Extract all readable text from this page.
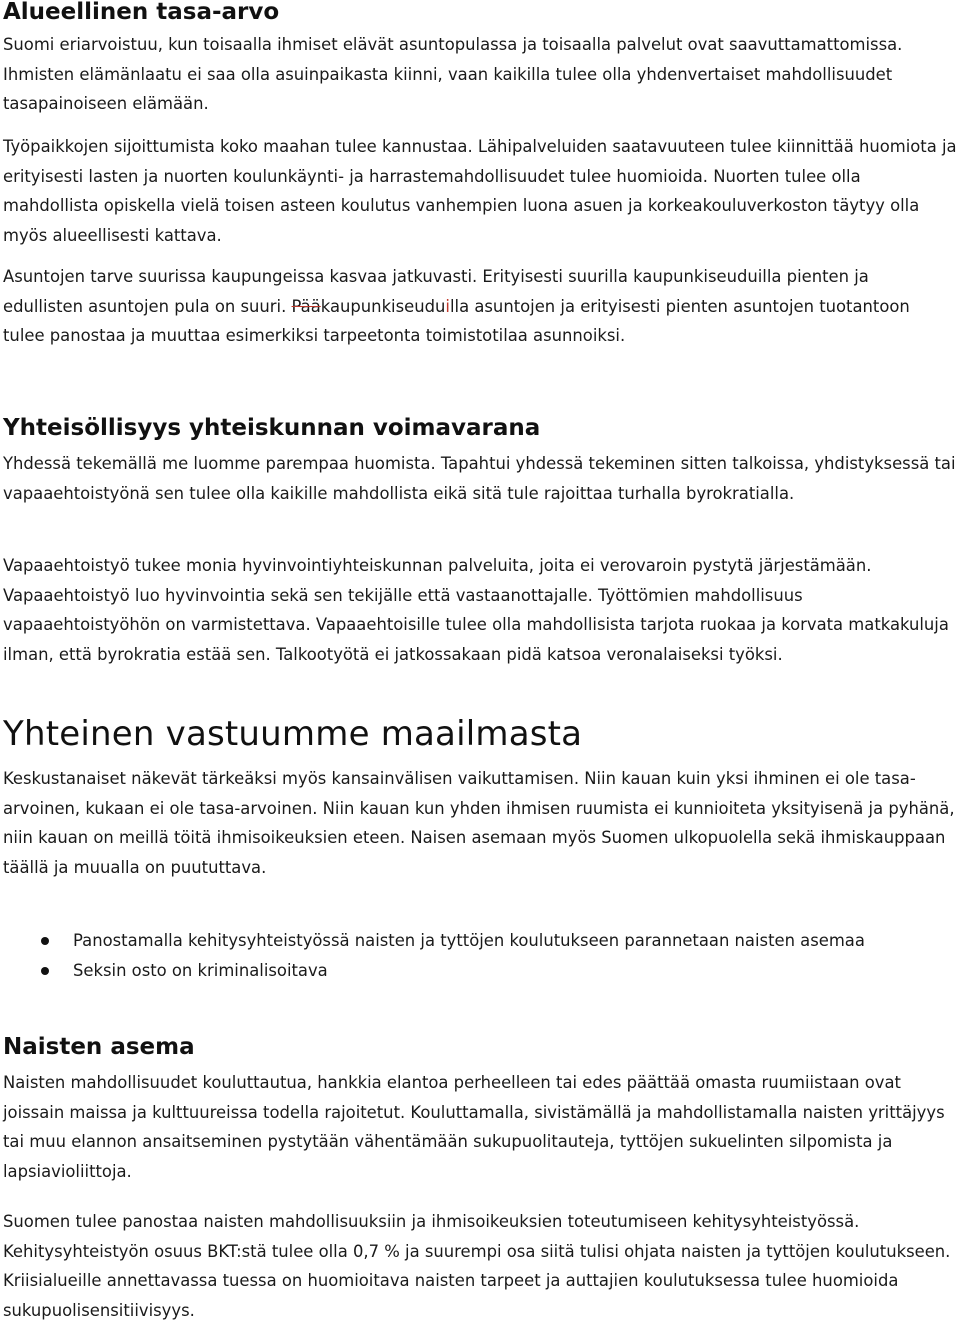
Alueellinen tasa-arvo

Suomi eriarvoistuu, kun toisaalla ihmiset elävät asuntopulassa ja toisaalla palvelut ovat saavuttamattomissa. Ihmisten elämänlaatu ei saa olla asuinpaikasta kiinni, vaan kaikilla tulee olla yhdenvertaiset mahdollisuudet tasapainoiseen elämään.

Työpaikkojen sijoittumista koko maahan tulee kannustaa. Lähipalveluiden saatavuuteen tulee kiinnittää huomiota ja erityisesti lasten ja nuorten koulunkäynti- ja harrastemahdollisuudet tulee huomioida. Nuorten tulee olla mahdollista opiskella vielä toisen asteen koulutus vanhempien luona asuen ja korkeakouluverkoston täytyy olla myös alueellisesti kattava.

Asuntojen tarve suurissa kaupungeissa kasvaa jatkuvasti. Erityisesti suurilla kaupunkiseuduilla pienten ja edullisten asuntojen pula on suuri. Pääkaupunkiseuduilla asuntojen ja erityisesti pienten asuntojen tuotantoon tulee panostaa ja muuttaa esimerkiksi tarpeetonta toimistotilaa asunnoiksi.

Yhteisöllisyys yhteiskunnan voimavarana

Yhdessä tekemällä me luomme parempaa huomista. Tapahtui yhdessä tekeminen sitten talkoissa, yhdistyksessä tai vapaaehtoistyönä sen tulee olla kaikille mahdollista eikä sitä tule rajoittaa turhalla byrokratialla.

Vapaaehtoistyö tukee monia hyvinvointiyhteiskunnan palveluita, joita ei verovaroin pystytä järjestämään. Vapaaehtoistyö luo hyvinvointia sekä sen tekijälle että vastaanottajalle. Työttömien mahdollisuus vapaaehtoistyöhön on varmistettava. Vapaaehtoisille tulee olla mahdollisista tarjota ruokaa ja korvata matkakuluja ilman, että byrokratia estää sen. Talkootyötä ei jatkossakaan pidä katsoa veronalaiseksi työksi.

Yhteinen vastuumme maailmasta

Keskustanaiset näkevät tärkeäksi myös kansainvälisen vaikuttamisen. Niin kauan kuin yksi ihminen ei ole tasa-arvoinen, kukaan ei ole tasa-arvoinen. Niin kauan kun yhden ihmisen ruumista ei kunnioiteta yksityisenä ja pyhänä, niin kauan on meillä töitä ihmisoikeuksien eteen. Naisen asemaan myös Suomen ulkopuolella sekä ihmiskauppaan täällä ja muualla on puututtava.

Panostamalla kehitysyhteistyössä naisten ja tyttöjen koulutukseen parannetaan naisten asemaa
Seksin osto on kriminalisoitava
Naisten asema

Naisten mahdollisuudet kouluttautua, hankkia elantoa perheelleen tai edes päättää omasta ruumiistaan ovat joissain maissa ja kulttuureissa todella rajoitetut. Kouluttamalla, sivistämällä ja mahdollistamalla naisten yrittäjyys tai muu elannon ansaitseminen pystytään vähentämään sukupuolitauteja, tyttöjen sukuelinten silpomista ja lapsiavioliittoja.

Suomen tulee panostaa naisten mahdollisuuksiin ja ihmisoikeuksien toteutumiseen kehitysyhteistyössä. Kehitysyhteistyön osuus BKT:stä tulee olla 0,7 % ja suurempi osa siitä tulisi ohjata naisten ja tyttöjen koulutukseen. Kriisialueille annettavassa tuessa on huomioitava naisten tarpeet ja auttajien koulutuksessa tulee huomioida sukupuolisensitiivisyys.
